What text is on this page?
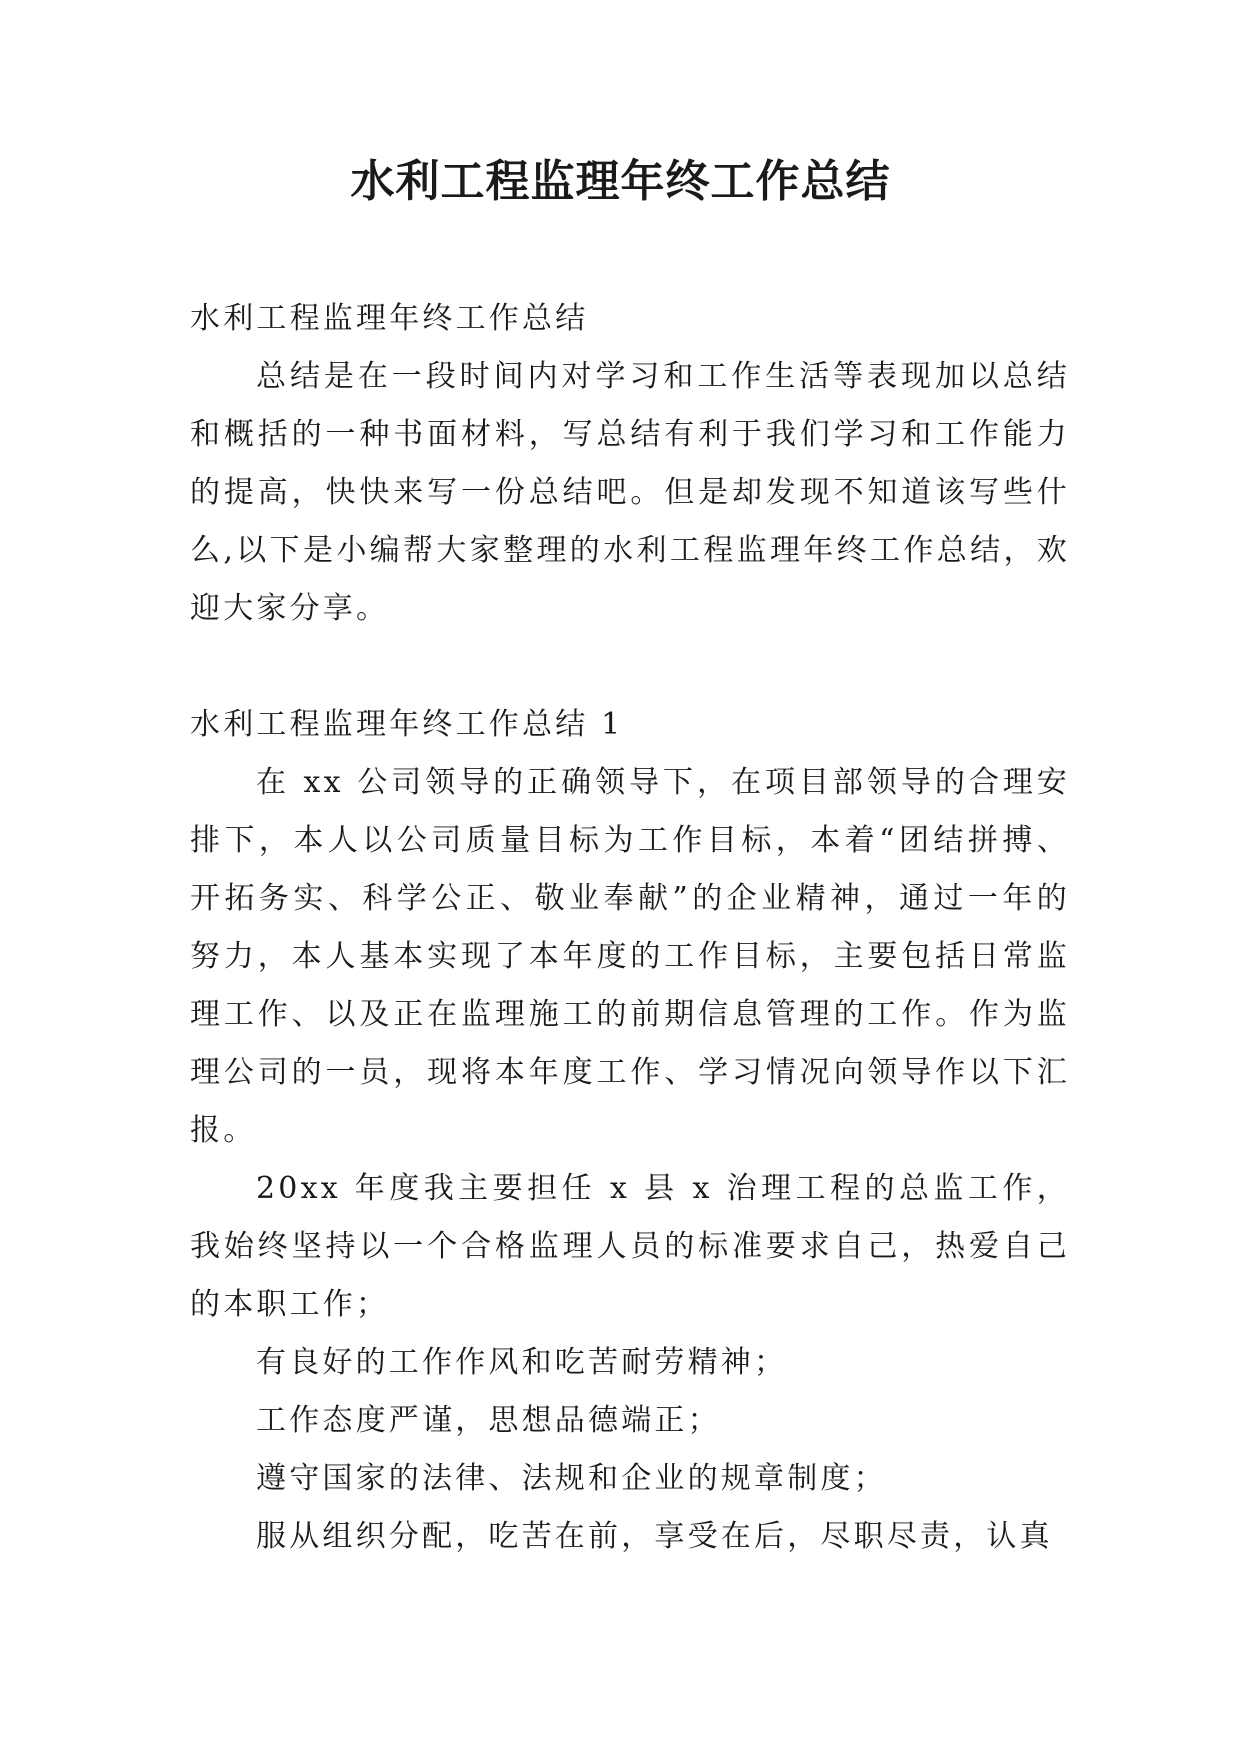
水利工程监理年终工作总结

水利工程监理年终工作总结

总结是在一段时间内对学习和工作生活等表现加以总结和概括的一种书面材料，写总结有利于我们学习和工作能力的提高，快快来写一份总结吧。但是却发现不知道该写些什么,以下是小编帮大家整理的水利工程监理年终工作总结，欢迎大家分享。

水利工程监理年终工作总结 1

在 xx 公司领导的正确领导下，在项目部领导的合理安排下，本人以公司质量目标为工作目标，本着“团结拼搏、开拓务实、科学公正、敬业奉献”的企业精神，通过一年的努力，本人基本实现了本年度的工作目标，主要包括日常监理工作、以及正在监理施工的前期信息管理的工作。作为监理公司的一员，现将本年度工作、学习情况向领导作以下汇报。

20xx 年度我主要担任 x 县 x 治理工程的总监工作，我始终坚持以一个合格监理人员的标准要求自己，热爱自己的本职工作；

有良好的工作作风和吃苦耐劳精神；

工作态度严谨，思想品德端正；

遵守国家的法律、法规和企业的规章制度；

服从组织分配，吃苦在前，享受在后，尽职尽责，认真
